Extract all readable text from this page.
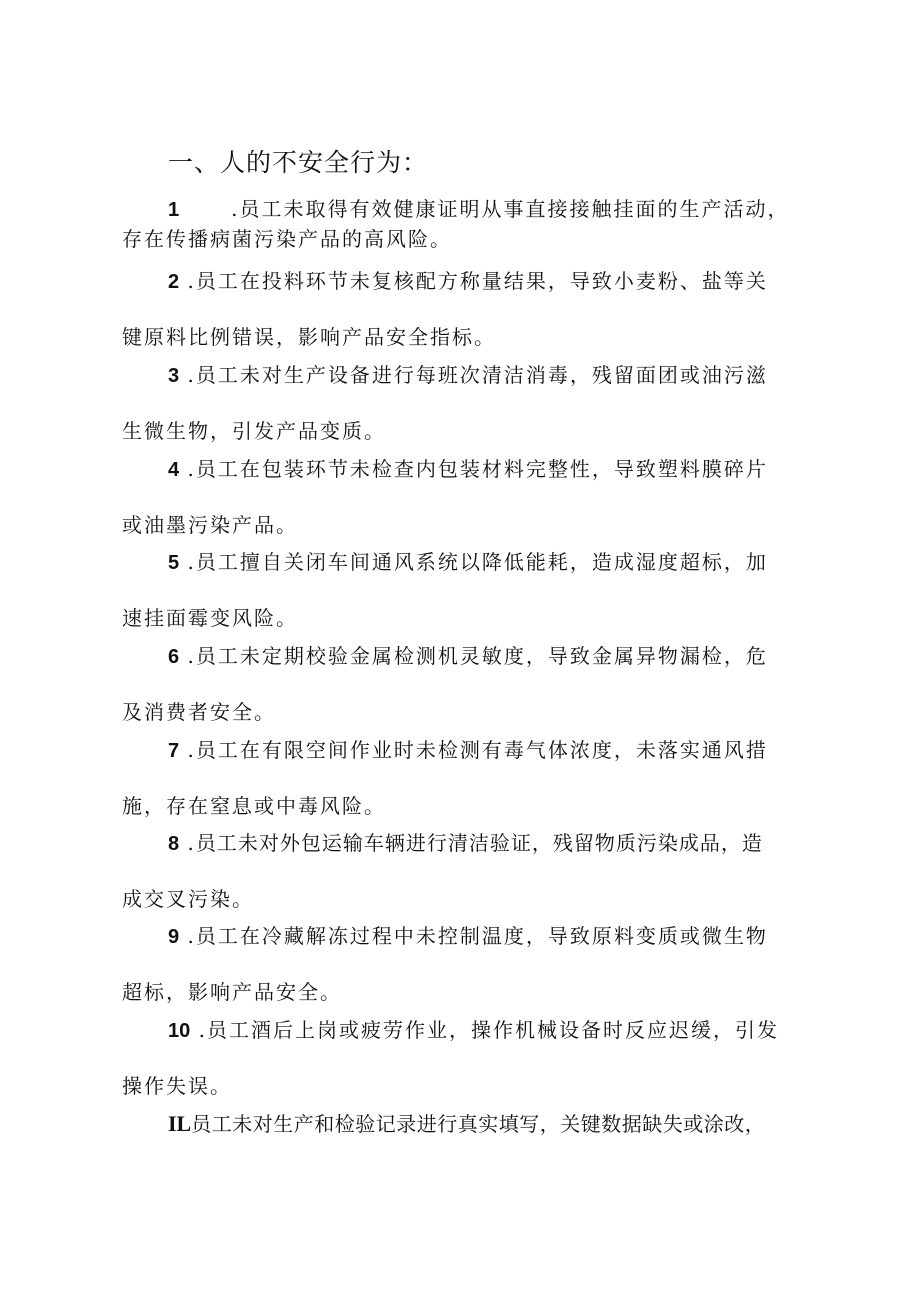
一、人的不安全行为：
1	.员工未取得有效健康证明从事直接接触挂面的生产活动，
存在传播病菌污染产品的高风险。
2 .员工在投料环节未复核配方称量结果，导致小麦粉、盐等关
键原料比例错误，影响产品安全指标。
3 .员工未对生产设备进行每班次清洁消毒，残留面团或油污滋
生微生物，引发产品变质。
4 .员工在包装环节未检查内包装材料完整性，导致塑料膜碎片
或油墨污染产品。
5 .员工擅自关闭车间通风系统以降低能耗，造成湿度超标，加
速挂面霉变风险。
6 .员工未定期校验金属检测机灵敏度，导致金属异物漏检，危
及消费者安全。
7 .员工在有限空间作业时未检测有毒气体浓度，未落实通风措
施，存在窒息或中毒风险。
8 .员工未对外包运输车辆进行清洁验证，残留物质污染成品，造
成交叉污染。
9 .员工在冷藏解冻过程中未控制温度，导致原料变质或微生物
超标，影响产品安全。
10 .员工酒后上岗或疲劳作业，操作机械设备时反应迟缓，引发
操作失误。
IL员工未对生产和检验记录进行真实填写，关键数据缺失或涂改，
